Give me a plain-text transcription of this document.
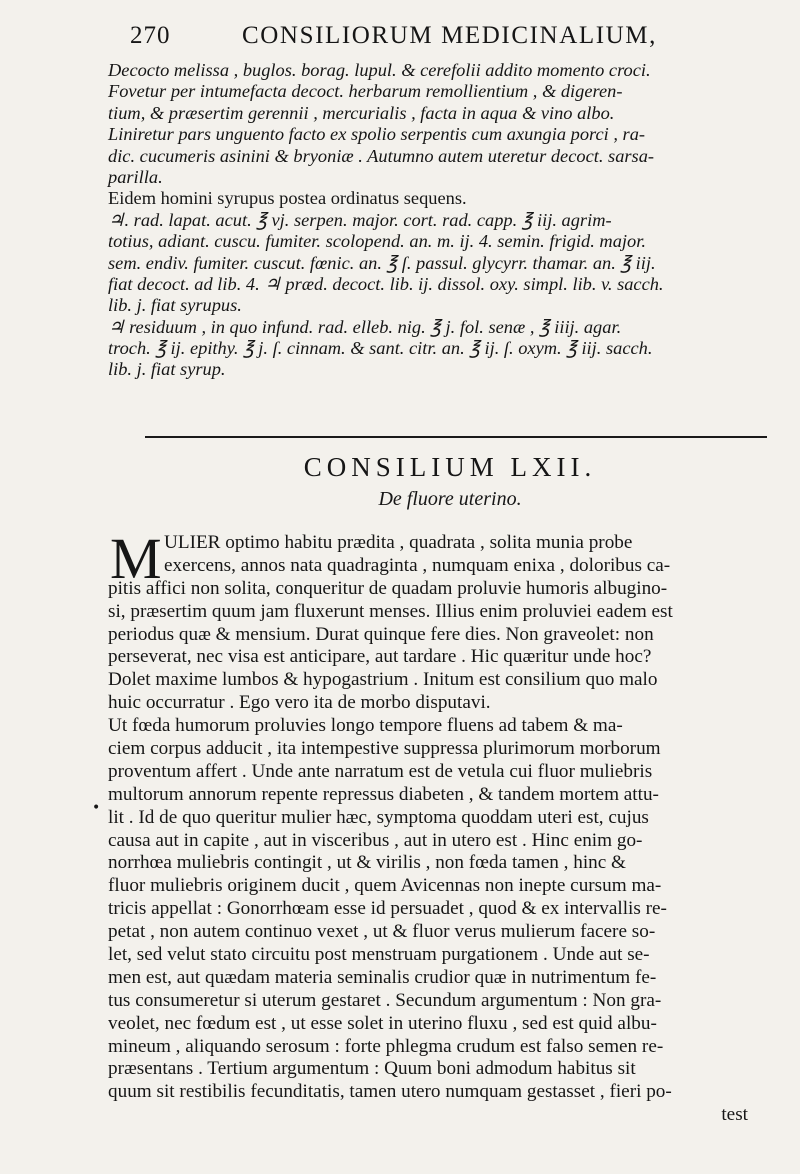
270	CONSILIORUM MEDICINALIUM,
Decocto melissa , buglos. borag. lupul. & cerefolii addito momento croci.
Fovetur per intumefacta decoct. herbarum remollientium , & digeren-
tium, & præsertim gerennii , mercurialis , facta in aqua & vino albo.
Liniretur pars unguento facto ex spolio serpentis cum axungia porci , ra-
dic. cucumeris asinini & bryoniæ . Autumno autem uteretur decoct. sarsa-
parilla.
Eidem homini syrupus postea ordinatus sequens.
♃. rad. lapat. acut. ℥ vj. serpen. major. cort. rad. capp. ℥ iij. agrim-
totius, adiant. cuscu. fumiter. scolopend. an. m. ij. 4. semin. frigid. major.
sem. endiv. fumiter. cuscut. fœnic. an. ℥ ſ. passul. glycyrr. thamar. an. ℥ iij.
fiat decoct. ad lib. 4. ♃ præd. decoct. lib. ij. dissol. oxy. simpl. lib. v. sacch.
lib. j. fiat syrupus.
♃ residuum , in quo infund. rad. elleb. nig. ℥ j. fol. senæ , ℥ iiij. agar.
troch. ℥ ij. epithy. ℥ j. ſ. cinnam. & sant. citr. an. ℥ ij. ſ. oxym. ℥ iij. sacch.
lib. j. fiat syrup.
CONSILIUM LXII.
De fluore uterino.
M ULIER optimo habitu prædita , quadrata , solita munia probe
exercens, annos nata quadraginta , numquam enixa , doloribus ca-
pitis affici non solita, conqueritur de quadam proluvie humoris albugino-
si, præsertim quum jam fluxerunt menses. Illius enim proluviei eadem est
periodus quæ & mensium. Durat quinque fere dies. Non graveolet: non
perseverat, nec visa est anticipare, aut tardare . Hic quæritur unde hoc?
Dolet maxime lumbos & hypogastrium . Initum est consilium quo malo
huic occurratur . Ego vero ita de morbo disputavi.
Ut fœda humorum proluvies longo tempore fluens ad tabem & ma-
ciem corpus adducit , ita intempestive suppressa plurimorum morborum
proventum affert . Unde ante narratum est de vetula cui fluor muliebris
multorum annorum repente repressus diabeten , & tandem mortem attu-
lit . Id de quo queritur mulier hæc, symptoma quoddam uteri est, cujus
causa aut in capite , aut in visceribus , aut in utero est . Hinc enim go-
norrhœa muliebris contingit , ut & virilis , non fœda tamen , hinc &
fluor muliebris originem ducit , quem Avicennas non inepte cursum ma-
tricis appellat : Gonorrhœam esse id persuadet , quod & ex intervallis re-
petat , non autem continuo vexet , ut & fluor verus mulierum facere so-
let, sed velut stato circuitu post menstruam purgationem . Unde aut se-
men est, aut quædam materia seminalis crudior quæ in nutrimentum fe-
tus consumeretur si uterum gestaret . Secundum argumentum : Non gra-
veolet, nec fœdum est , ut esse solet in uterino fluxu , sed est quid albu-
mineum , aliquando serosum : forte phlegma crudum est falso semen re-
præsentans . Tertium argumentum : Quum boni admodum habitus sit
quum sit restibilis fecunditatis, tamen utero numquam gestasset , fieri po-
test
•
